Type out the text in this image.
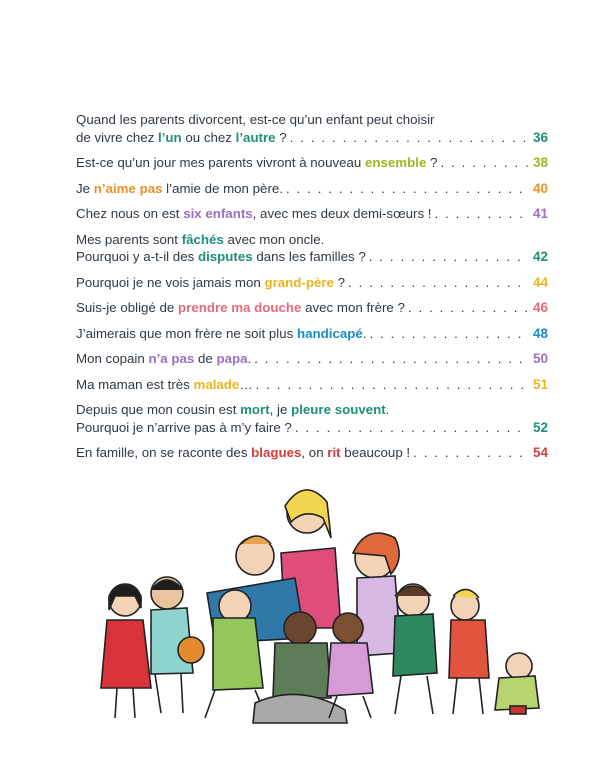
Quand les parents divorcent, est-ce qu’un enfant peut choisir
de vivre chez l’un ou chez l’autre ? . . .	36
Est-ce qu’un jour mes parents vivront à nouveau ensemble ? . . .	38
Je n’aime pas l’amie de mon père. . . .	40
Chez nous on est six enfants, avec mes deux demi-sœurs ! . . .	41
Mes parents sont fâchés avec mon oncle.
Pourquoi y a-t-il des disputes dans les familles ? . . .	42
Pourquoi je ne vois jamais mon grand-père ? . . .	44
Suis-je obligé de prendre ma douche avec mon frère ? . . .	46
J’aimerais que mon frère ne soit plus handicapé. . . .	48
Mon copain n’a pas de papa. . . .	50
Ma maman est très malade… . . .	51
Depuis que mon cousin est mort, je pleure souvent.
Pourquoi je n’arrive pas à m’y faire ? . . .	52
En famille, on se raconte des blagues, on rit beaucoup ! . . .	54
